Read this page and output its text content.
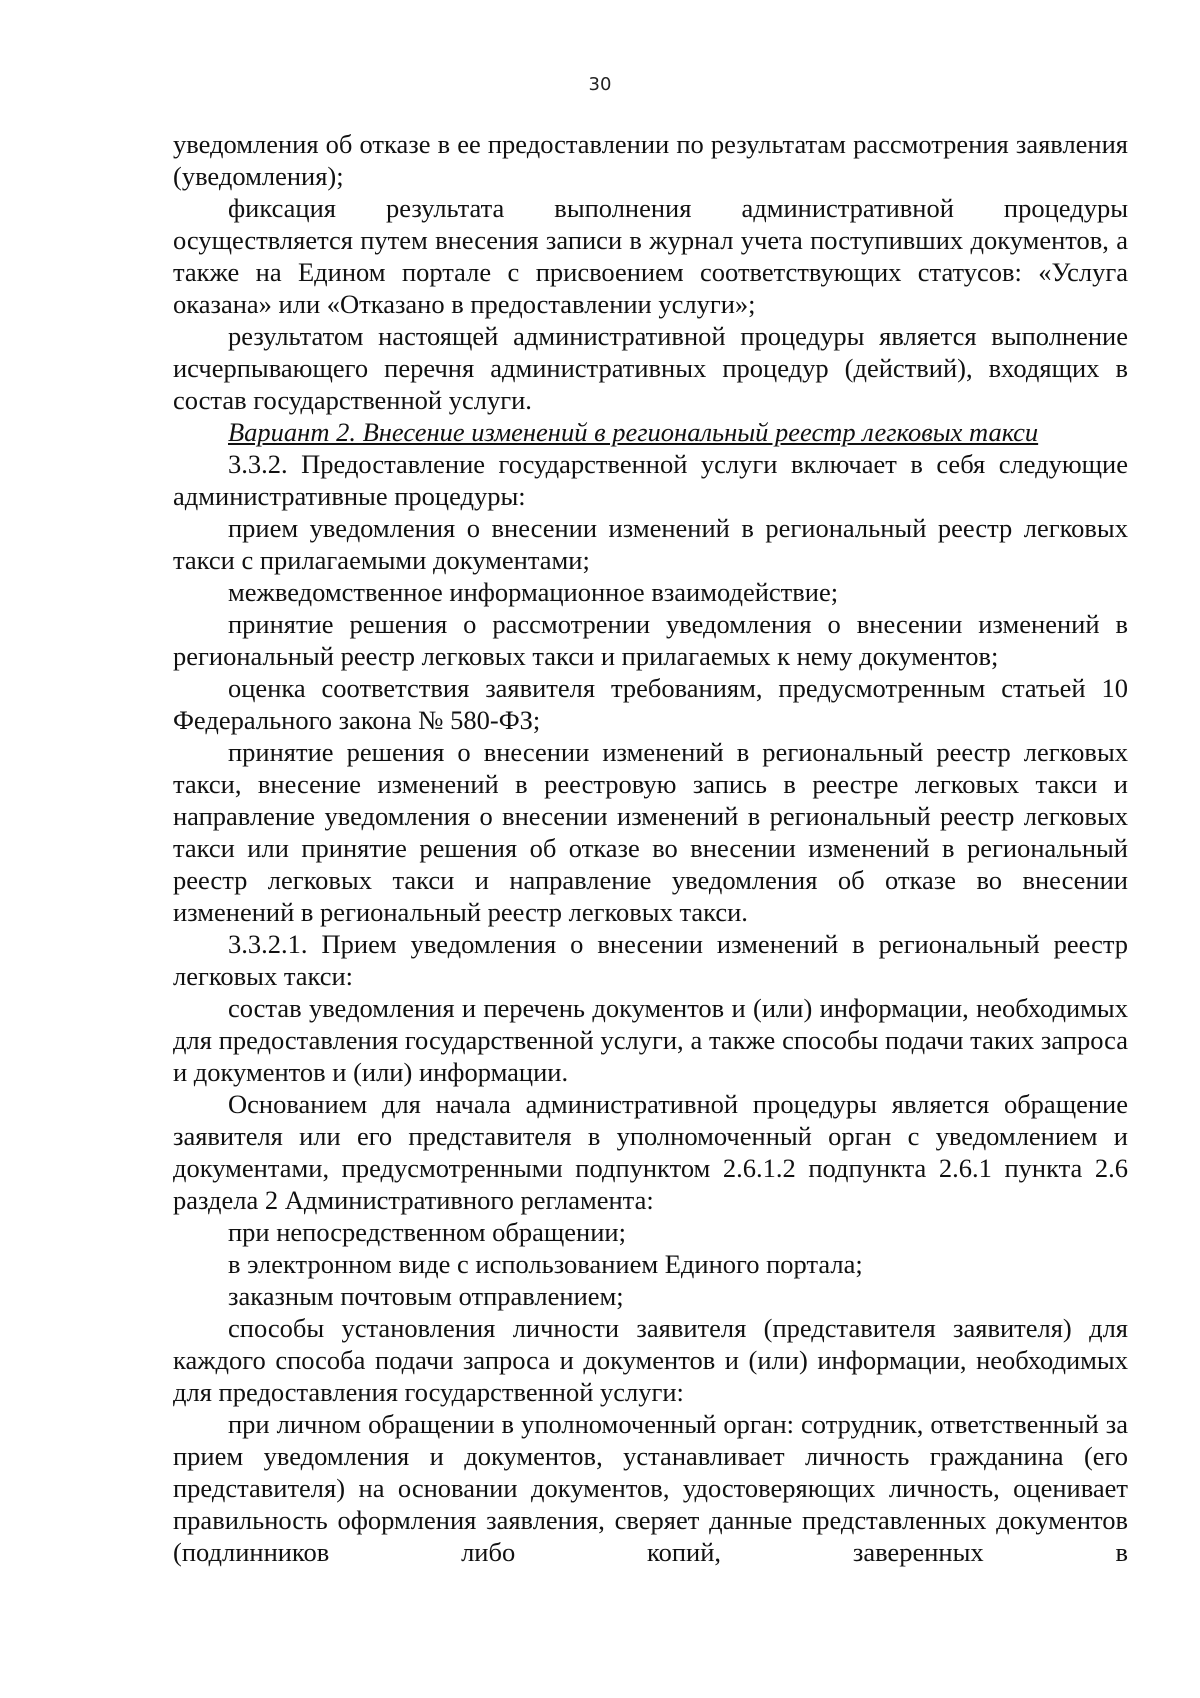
30

уведомления об отказе в ее предоставлении по результатам рассмотрения заявления (уведомления);

фиксация результата выполнения административной процедуры осуществляется путем внесения записи в журнал учета поступивших документов, а также на Едином портале с присвоением соответствующих статусов: «Услуга оказана» или «Отказано в предоставлении услуги»;

результатом настоящей административной процедуры является выполнение исчерпывающего перечня административных процедур (действий), входящих в состав государственной услуги.

Вариант 2. Внесение изменений в региональный реестр легковых такси

3.3.2. Предоставление государственной услуги включает в себя следующие административные процедуры:

прием уведомления о внесении изменений в региональный реестр легковых такси с прилагаемыми документами;

межведомственное информационное взаимодействие;

принятие решения о рассмотрении уведомления о внесении изменений в региональный реестр легковых такси и прилагаемых к нему документов;

оценка соответствия заявителя требованиям, предусмотренным статьей 10 Федерального закона № 580-ФЗ;

принятие решения о внесении изменений в региональный реестр легковых такси, внесение изменений в реестровую запись в реестре легковых такси и направление уведомления о внесении изменений в региональный реестр легковых такси или принятие решения об отказе во внесении изменений в региональный реестр легковых такси и направление уведомления об отказе во внесении изменений в региональный реестр легковых такси.

3.3.2.1. Прием уведомления о внесении изменений в региональный реестр легковых такси:

состав уведомления и перечень документов и (или) информации, необходимых для предоставления государственной услуги, а также способы подачи таких запроса и документов и (или) информации.

Основанием для начала административной процедуры является обращение заявителя или его представителя в уполномоченный орган с уведомлением и документами, предусмотренными подпунктом 2.6.1.2 подпункта 2.6.1 пункта 2.6 раздела 2 Административного регламента:

при непосредственном обращении;

в электронном виде с использованием Единого портала;

заказным почтовым отправлением;

способы установления личности заявителя (представителя заявителя) для каждого способа подачи запроса и документов и (или) информации, необходимых для предоставления государственной услуги:

при личном обращении в уполномоченный орган: сотрудник, ответственный за прием уведомления и документов, устанавливает личность гражданина (его представителя) на основании документов, удостоверяющих личность, оценивает правильность оформления заявления, сверяет данные представленных документов (подлинников либо копий, заверенных в
